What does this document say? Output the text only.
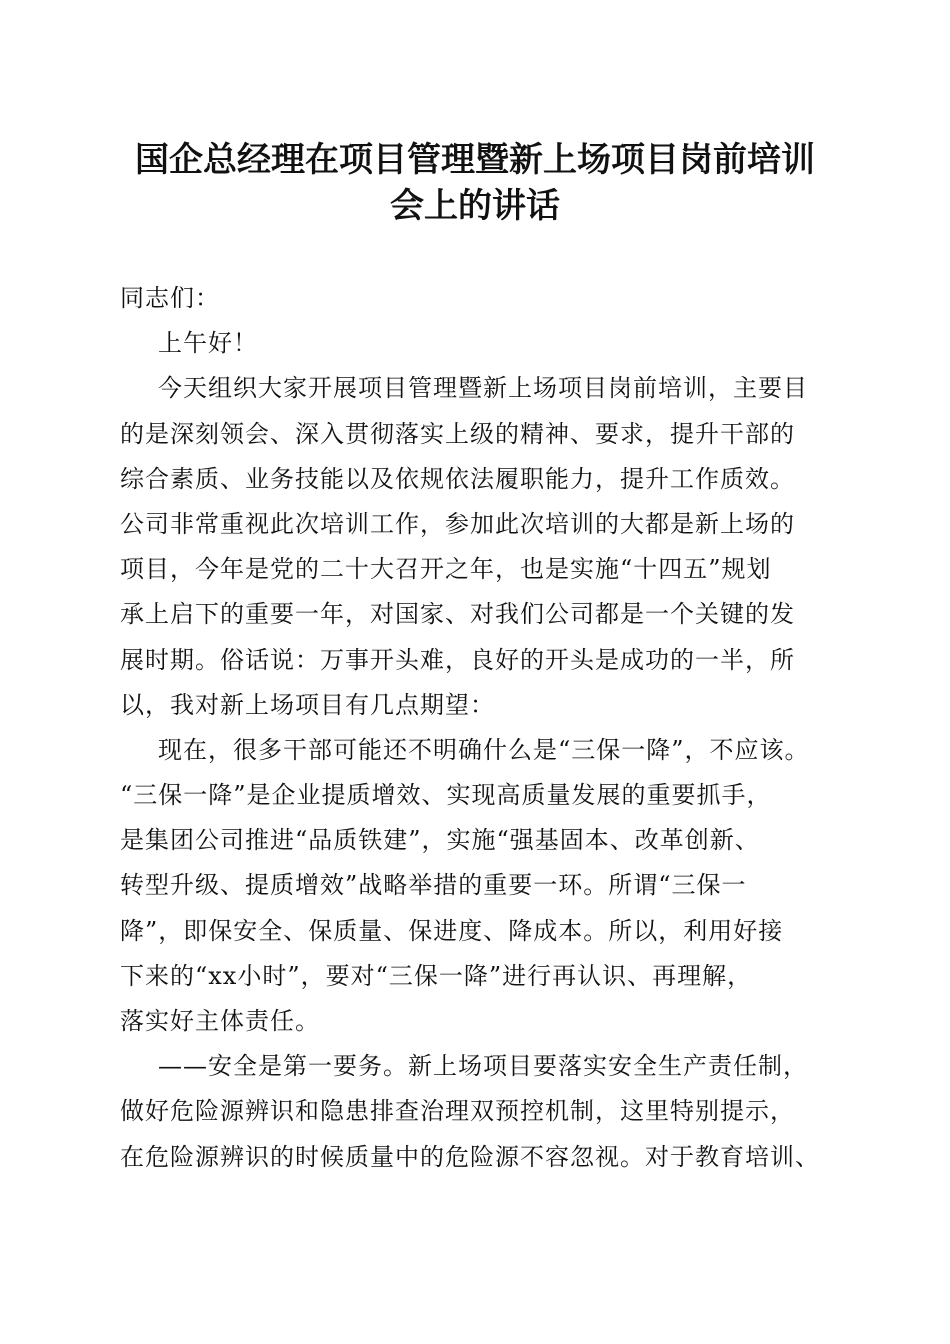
国企总经理在项目管理暨新上场项目岗前培训
会上的讲话
同志们：
上午好！
今天组织大家开展项目管理暨新上场项目岗前培训，主要目
的是深刻领会、深入贯彻落实上级的精神、要求，提升干部的
综合素质、业务技能以及依规依法履职能力，提升工作质效。
公司非常重视此次培训工作，参加此次培训的大都是新上场的
项目，今年是党的二十大召开之年，也是实施“十四五”规划
承上启下的重要一年，对国家、对我们公司都是一个关键的发
展时期。俗话说：万事开头难，良好的开头是成功的一半，所
以，我对新上场项目有几点期望：
现在，很多干部可能还不明确什么是“三保一降”，不应该。
“三保一降”是企业提质增效、实现高质量发展的重要抓手，
是集团公司推进“品质铁建”，实施“强基固本、改革创新、
转型升级、提质增效”战略举措的重要一环。所谓“三保一
降”，即保安全、保质量、保进度、降成本。所以，利用好接
下来的“xx小时”，要对“三保一降”进行再认识、再理解，
落实好主体责任。
——安全是第一要务。新上场项目要落实安全生产责任制，
做好危险源辨识和隐患排查治理双预控机制，这里特别提示，
在危险源辨识的时候质量中的危险源不容忽视。对于教育培训、
